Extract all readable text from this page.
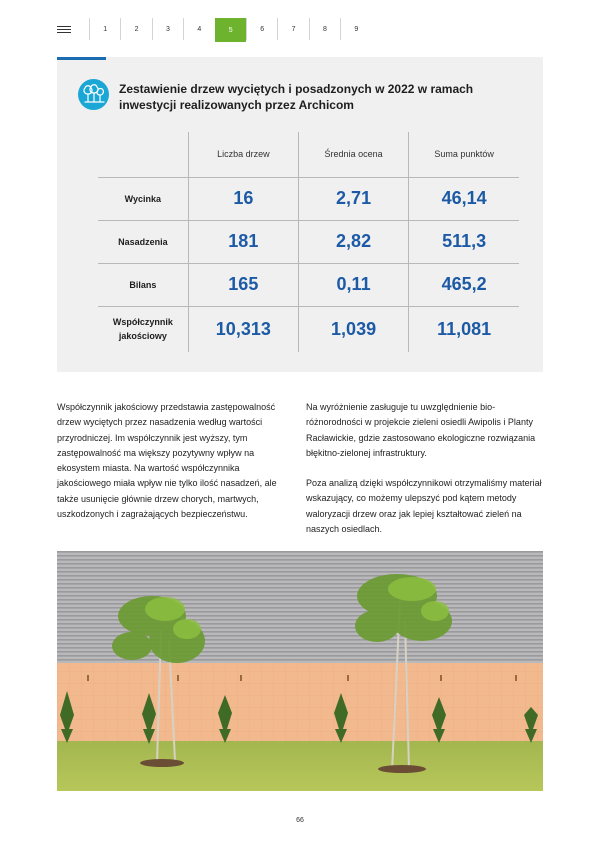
1	2	3	4	5	6	7	8	9
Zestawienie drzew wyciętych i posadzonych w 2022 w ramach inwestycji realizowanych przez Archicom
	Liczba drzew	Średnia ocena	Suma punktów
Wycinka	16	2,71	46,14
Nasadzenia	181	2,82	511,3
Bilans	165	0,11	465,2
Współczynnik jakościowy	10,313	1,039	11,081

Współczynnik jakościowy przedstawia zastępowalność drzew wyciętych przez nasadzenia według wartości przyrodniczej. Im współczynnik jest wyższy, tym zastępowalność ma większy pozytywny wpływ na ekosystem miasta. Na wartość współczynnika jakościowego miała wpływ nie tylko ilość nasadzeń, ale także usunięcie głównie drzew chorych, martwych, uszkodzonych i zagrażających bezpieczeństwu.

Na wyróżnienie zasługuje tu uwzględnienie bioróżnorodności w projekcie zieleni osiedli Awipolis i Planty Racławickie, gdzie zastosowano ekologiczne rozwiązania błękitno-zielonej infrastruktury.

Poza analizą dzięki współczynnikowi otrzymaliśmy materiał wskazujący, co możemy ulepszyć pod kątem metody waloryzacji drzew oraz jak lepiej kształtować zieleń na naszych osiedlach.

66
